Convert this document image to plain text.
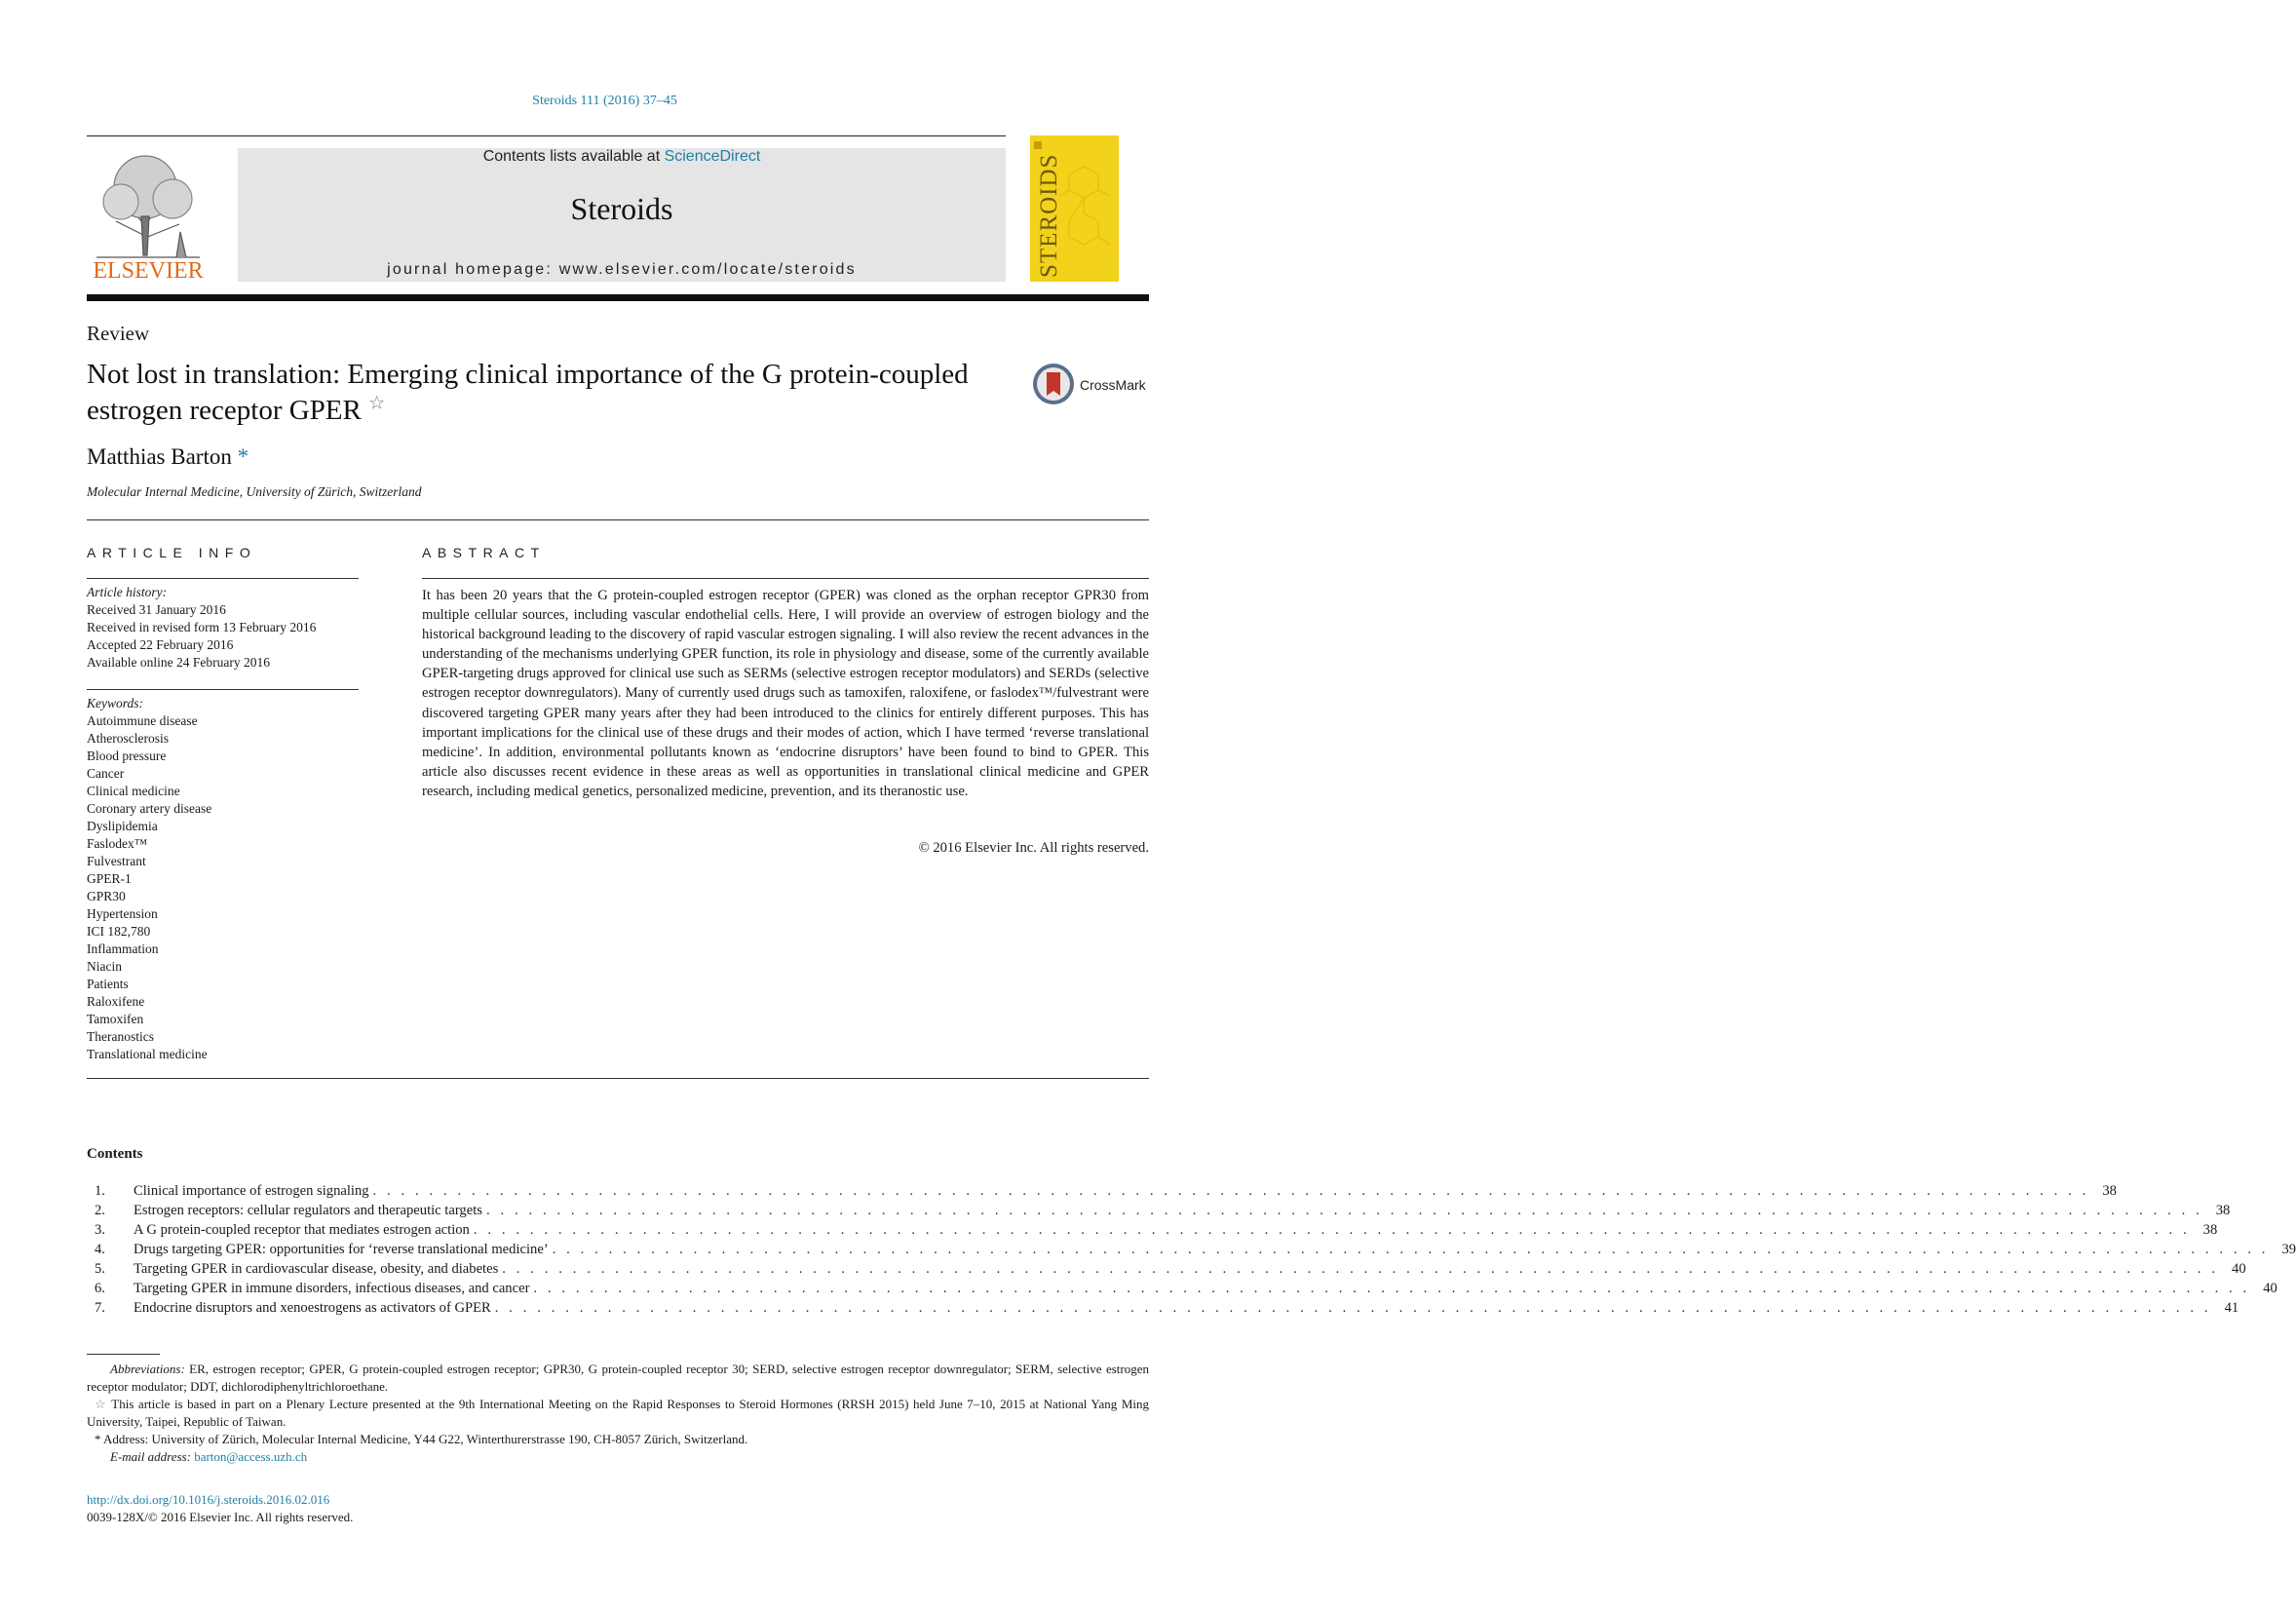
Steroids 111 (2016) 37–45
ELSEVIER
Contents lists available at ScienceDirect
Steroids
journal homepage: www.elsevier.com/locate/steroids	STEROIDS
Review
Not lost in translation: Emerging clinical importance of the G protein-coupled estrogen receptor GPER ☆
CrossMark
Matthias Barton *
Molecular Internal Medicine, University of Zürich, Switzerland
ARTICLE INFO
Article history:
Received 31 January 2016
Received in revised form 13 February 2016
Accepted 22 February 2016
Available online 24 February 2016
Keywords:
Autoimmune disease
Atherosclerosis
Blood pressure
Cancer
Clinical medicine
Coronary artery disease
Dyslipidemia
Faslodex™
Fulvestrant
GPER-1
GPR30
Hypertension
ICI 182,780
Inflammation
Niacin
Patients
Raloxifene
Tamoxifen
Theranostics
Translational medicine
ABSTRACT
It has been 20 years that the G protein-coupled estrogen receptor (GPER) was cloned as the orphan receptor GPR30 from multiple cellular sources, including vascular endothelial cells. Here, I will provide an overview of estrogen biology and the historical background leading to the discovery of rapid vascular estrogen signaling. I will also review the recent advances in the understanding of the mechanisms underlying GPER function, its role in physiology and disease, some of the currently available GPER-targeting drugs approved for clinical use such as SERMs (selective estrogen receptor modulators) and SERDs (selective estrogen receptor downregulators). Many of currently used drugs such as tamoxifen, raloxifene, or faslodex™/fulvestrant were discovered targeting GPER many years after they had been introduced to the clinics for entirely different purposes. This has important implications for the clinical use of these drugs and their modes of action, which I have termed ‘reverse translational medicine’. In addition, environmental pollutants known as ‘endocrine disruptors’ have been found to bind to GPER. This article also discusses recent evidence in these areas as well as opportunities in translational clinical medicine and GPER research, including medical genetics, personalized medicine, prevention, and its theranostic use.
© 2016 Elsevier Inc. All rights reserved.
Contents
1.	Clinical importance of estrogen signaling . . . . . . . . . . . . . . . . . . . . . . . . . . . . . . . . . . . . . . . . . . . . . . . . . . . . . . . . . . . . . . . . . . . . . . . . . . . . . . . . . . . . . . . . . . . . . . . . . . . . . . . . . . . . . . . . . . . . . . . . . . 38
2.	Estrogen receptors: cellular regulators and therapeutic targets . . . . . . . . . . . . . . . . . . . . . . . . . . . . . . . . . . . . . . . . . . . . . . . . . . . . . . . . . . . . . . . . . . . . . . . . . . . . . . . . . . . . . . . . . . . . . . . . . . . . . . . . . . . . . . . . . . . . . . . . . . 38
3.	A G protein-coupled receptor that mediates estrogen action . . . . . . . . . . . . . . . . . . . . . . . . . . . . . . . . . . . . . . . . . . . . . . . . . . . . . . . . . . . . . . . . . . . . . . . . . . . . . . . . . . . . . . . . . . . . . . . . . . . . . . . . . . . . . . . . . . . . . . . . . . 38
4.	Drugs targeting GPER: opportunities for ‘reverse translational medicine’ . . . . . . . . . . . . . . . . . . . . . . . . . . . . . . . . . . . . . . . . . . . . . . . . . . . . . . . . . . . . . . . . . . . . . . . . . . . . . . . . . . . . . . . . . . . . . . . . . . . . . . . . . . . . . . . . . . . . . . . . . . 39
5.	Targeting GPER in cardiovascular disease, obesity, and diabetes . . . . . . . . . . . . . . . . . . . . . . . . . . . . . . . . . . . . . . . . . . . . . . . . . . . . . . . . . . . . . . . . . . . . . . . . . . . . . . . . . . . . . . . . . . . . . . . . . . . . . . . . . . . . . . . . . . . . . . . . . . 40
6.	Targeting GPER in immune disorders, infectious diseases, and cancer . . . . . . . . . . . . . . . . . . . . . . . . . . . . . . . . . . . . . . . . . . . . . . . . . . . . . . . . . . . . . . . . . . . . . . . . . . . . . . . . . . . . . . . . . . . . . . . . . . . . . . . . . . . . . . . . . . . . . . . . . . 40
7.	Endocrine disruptors and xenoestrogens as activators of GPER . . . . . . . . . . . . . . . . . . . . . . . . . . . . . . . . . . . . . . . . . . . . . . . . . . . . . . . . . . . . . . . . . . . . . . . . . . . . . . . . . . . . . . . . . . . . . . . . . . . . . . . . . . . . . . . . . . . . . . . . . . 41
Abbreviations: ER, estrogen receptor; GPER, G protein-coupled estrogen receptor; GPR30, G protein-coupled receptor 30; SERD, selective estrogen receptor downregulator; SERM, selective estrogen receptor modulator; DDT, dichlorodiphenyltrichloroethane.
☆ This article is based in part on a Plenary Lecture presented at the 9th International Meeting on the Rapid Responses to Steroid Hormones (RRSH 2015) held June 7–10, 2015 at National Yang Ming University, Taipei, Republic of Taiwan.
* Address: University of Zürich, Molecular Internal Medicine, Y44 G22, Winterthurerstrasse 190, CH-8057 Zürich, Switzerland.
E-mail address: barton@access.uzh.ch
http://dx.doi.org/10.1016/j.steroids.2016.02.016
0039-128X/© 2016 Elsevier Inc. All rights reserved.
